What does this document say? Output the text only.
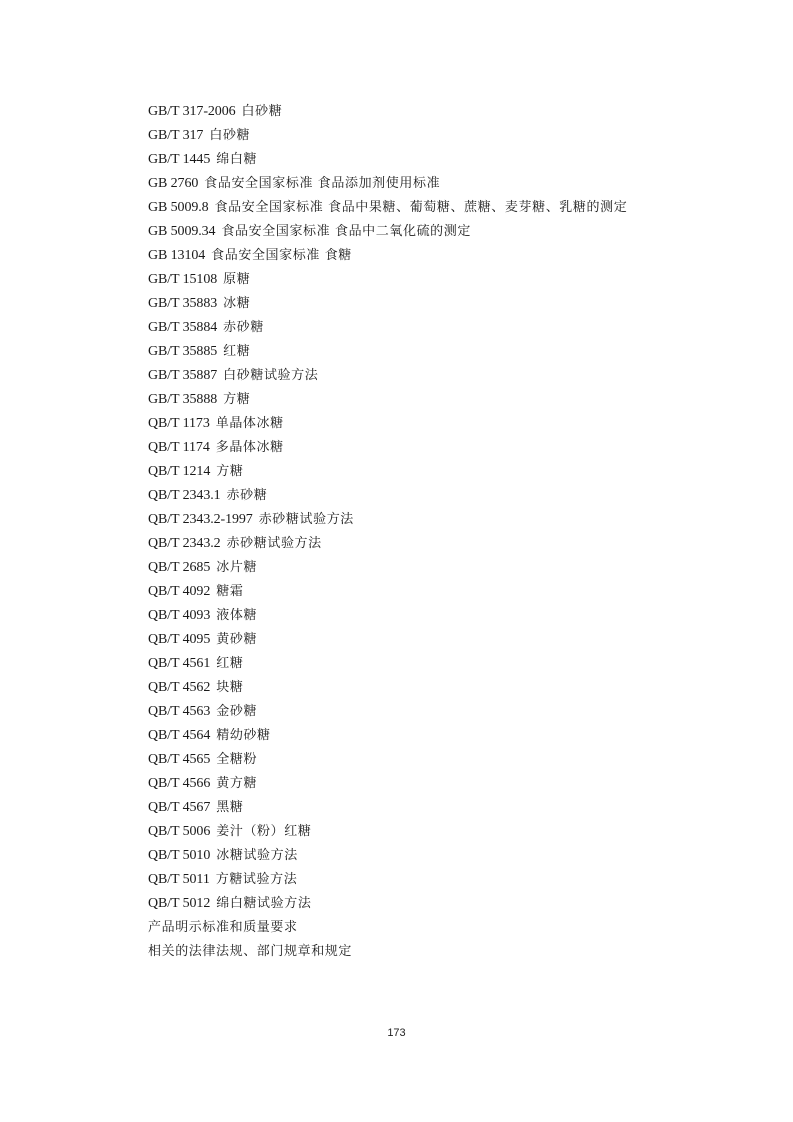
GB/T 317-2006 白砂糖
GB/T 317 白砂糖
GB/T 1445 绵白糖
GB 2760 食品安全国家标准 食品添加剂使用标准
GB 5009.8 食品安全国家标准 食品中果糖、葡萄糖、蔗糖、麦芽糖、乳糖的测定
GB 5009.34 食品安全国家标准 食品中二氧化硫的测定
GB 13104 食品安全国家标准 食糖
GB/T 15108 原糖
GB/T 35883 冰糖
GB/T 35884 赤砂糖
GB/T 35885 红糖
GB/T 35887 白砂糖试验方法
GB/T 35888 方糖
QB/T 1173 单晶体冰糖
QB/T 1174 多晶体冰糖
QB/T 1214 方糖
QB/T 2343.1 赤砂糖
QB/T 2343.2-1997 赤砂糖试验方法
QB/T 2343.2 赤砂糖试验方法
QB/T 2685 冰片糖
QB/T 4092 糖霜
QB/T 4093 液体糖
QB/T 4095 黄砂糖
QB/T 4561 红糖
QB/T 4562 块糖
QB/T 4563 金砂糖
QB/T 4564 精幼砂糖
QB/T 4565 全糖粉
QB/T 4566 黄方糖
QB/T 4567 黑糖
QB/T 5006 姜汁（粉）红糖
QB/T 5010 冰糖试验方法
QB/T 5011 方糖试验方法
QB/T 5012 绵白糖试验方法
产品明示标准和质量要求
相关的法律法规、部门规章和规定
173
